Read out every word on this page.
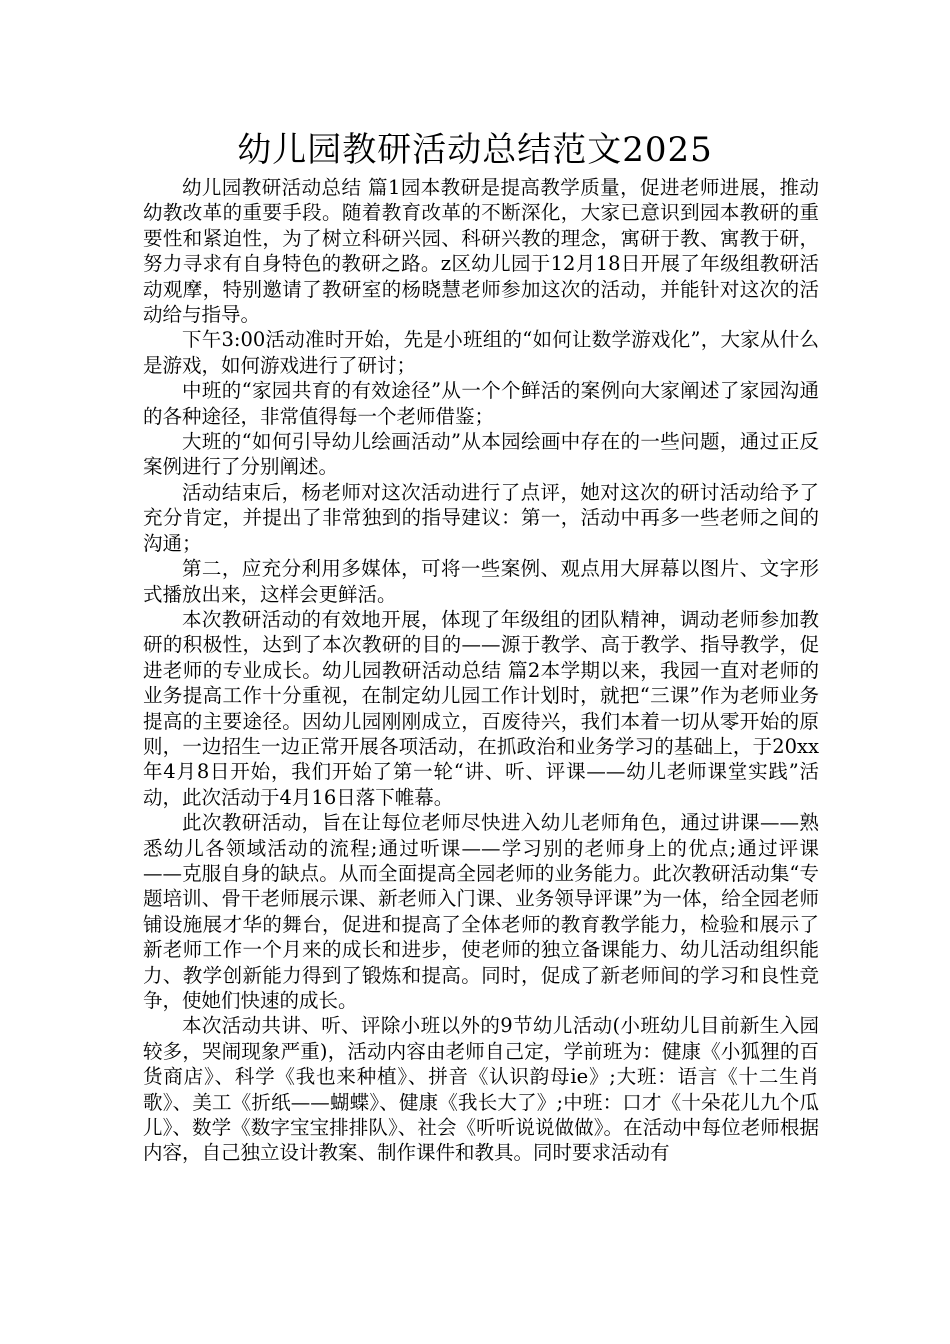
幼儿园教研活动总结范文2025

幼儿园教研活动总结 篇1园本教研是提高教学质量，促进老师进展，推动幼教改革的重要手段。随着教育改革的不断深化，大家已意识到园本教研的重要性和紧迫性，为了树立科研兴园、科研兴教的理念，寓研于教、寓教于研，努力寻求有自身特色的教研之路。z区幼儿园于12月18日开展了年级组教研活动观摩，特别邀请了教研室的杨晓慧老师参加这次的活动，并能针对这次的活动给与指导。

下午3:00活动准时开始，先是小班组的“如何让数学游戏化”，大家从什么是游戏，如何游戏进行了研讨；

中班的“家园共育的有效途径”从一个个鲜活的案例向大家阐述了家园沟通的各种途径，非常值得每一个老师借鉴；

大班的“如何引导幼儿绘画活动”从本园绘画中存在的一些问题，通过正反案例进行了分别阐述。

活动结束后，杨老师对这次活动进行了点评，她对这次的研讨活动给予了充分肯定，并提出了非常独到的指导建议：第一，活动中再多一些老师之间的沟通；

第二，应充分利用多媒体，可将一些案例、观点用大屏幕以图片、文字形式播放出来，这样会更鲜活。

本次教研活动的有效地开展，体现了年级组的团队精神，调动老师参加教研的积极性，达到了本次教研的目的——源于教学、高于教学、指导教学，促进老师的专业成长。幼儿园教研活动总结 篇2本学期以来，我园一直对老师的业务提高工作十分重视，在制定幼儿园工作计划时，就把“三课”作为老师业务提高的主要途径。因幼儿园刚刚成立，百废待兴，我们本着一切从零开始的原则，一边招生一边正常开展各项活动，在抓政治和业务学习的基础上，于20xx年4月8日开始，我们开始了第一轮“讲、听、评课——幼儿老师课堂实践”活动，此次活动于4月16日落下帷幕。

此次教研活动，旨在让每位老师尽快进入幼儿老师角色，通过讲课——熟悉幼儿各领域活动的流程;通过听课——学习别的老师身上的优点;通过评课——克服自身的缺点。从而全面提高全园老师的业务能力。此次教研活动集“专题培训、骨干老师展示课、新老师入门课、业务领导评课”为一体，给全园老师铺设施展才华的舞台，促进和提高了全体老师的教育教学能力，检验和展示了新老师工作一个月来的成长和进步，使老师的独立备课能力、幼儿活动组织能力、教学创新能力得到了锻炼和提高。同时，促成了新老师间的学习和良性竞争，使她们快速的成长。

本次活动共讲、听、评除小班以外的9节幼儿活动(小班幼儿目前新生入园较多，哭闹现象严重)，活动内容由老师自己定，学前班为：健康《小狐狸的百货商店》、科学《我也来种植》、拼音《认识韵母ie》;大班：语言《十二生肖歌》、美工《折纸——蝴蝶》、健康《我长大了》;中班：口才《十朵花儿九个瓜儿》、数学《数字宝宝排排队》、社会《听听说说做做》。在活动中每位老师根据内容，自己独立设计教案、制作课件和教具。同时要求活动有
